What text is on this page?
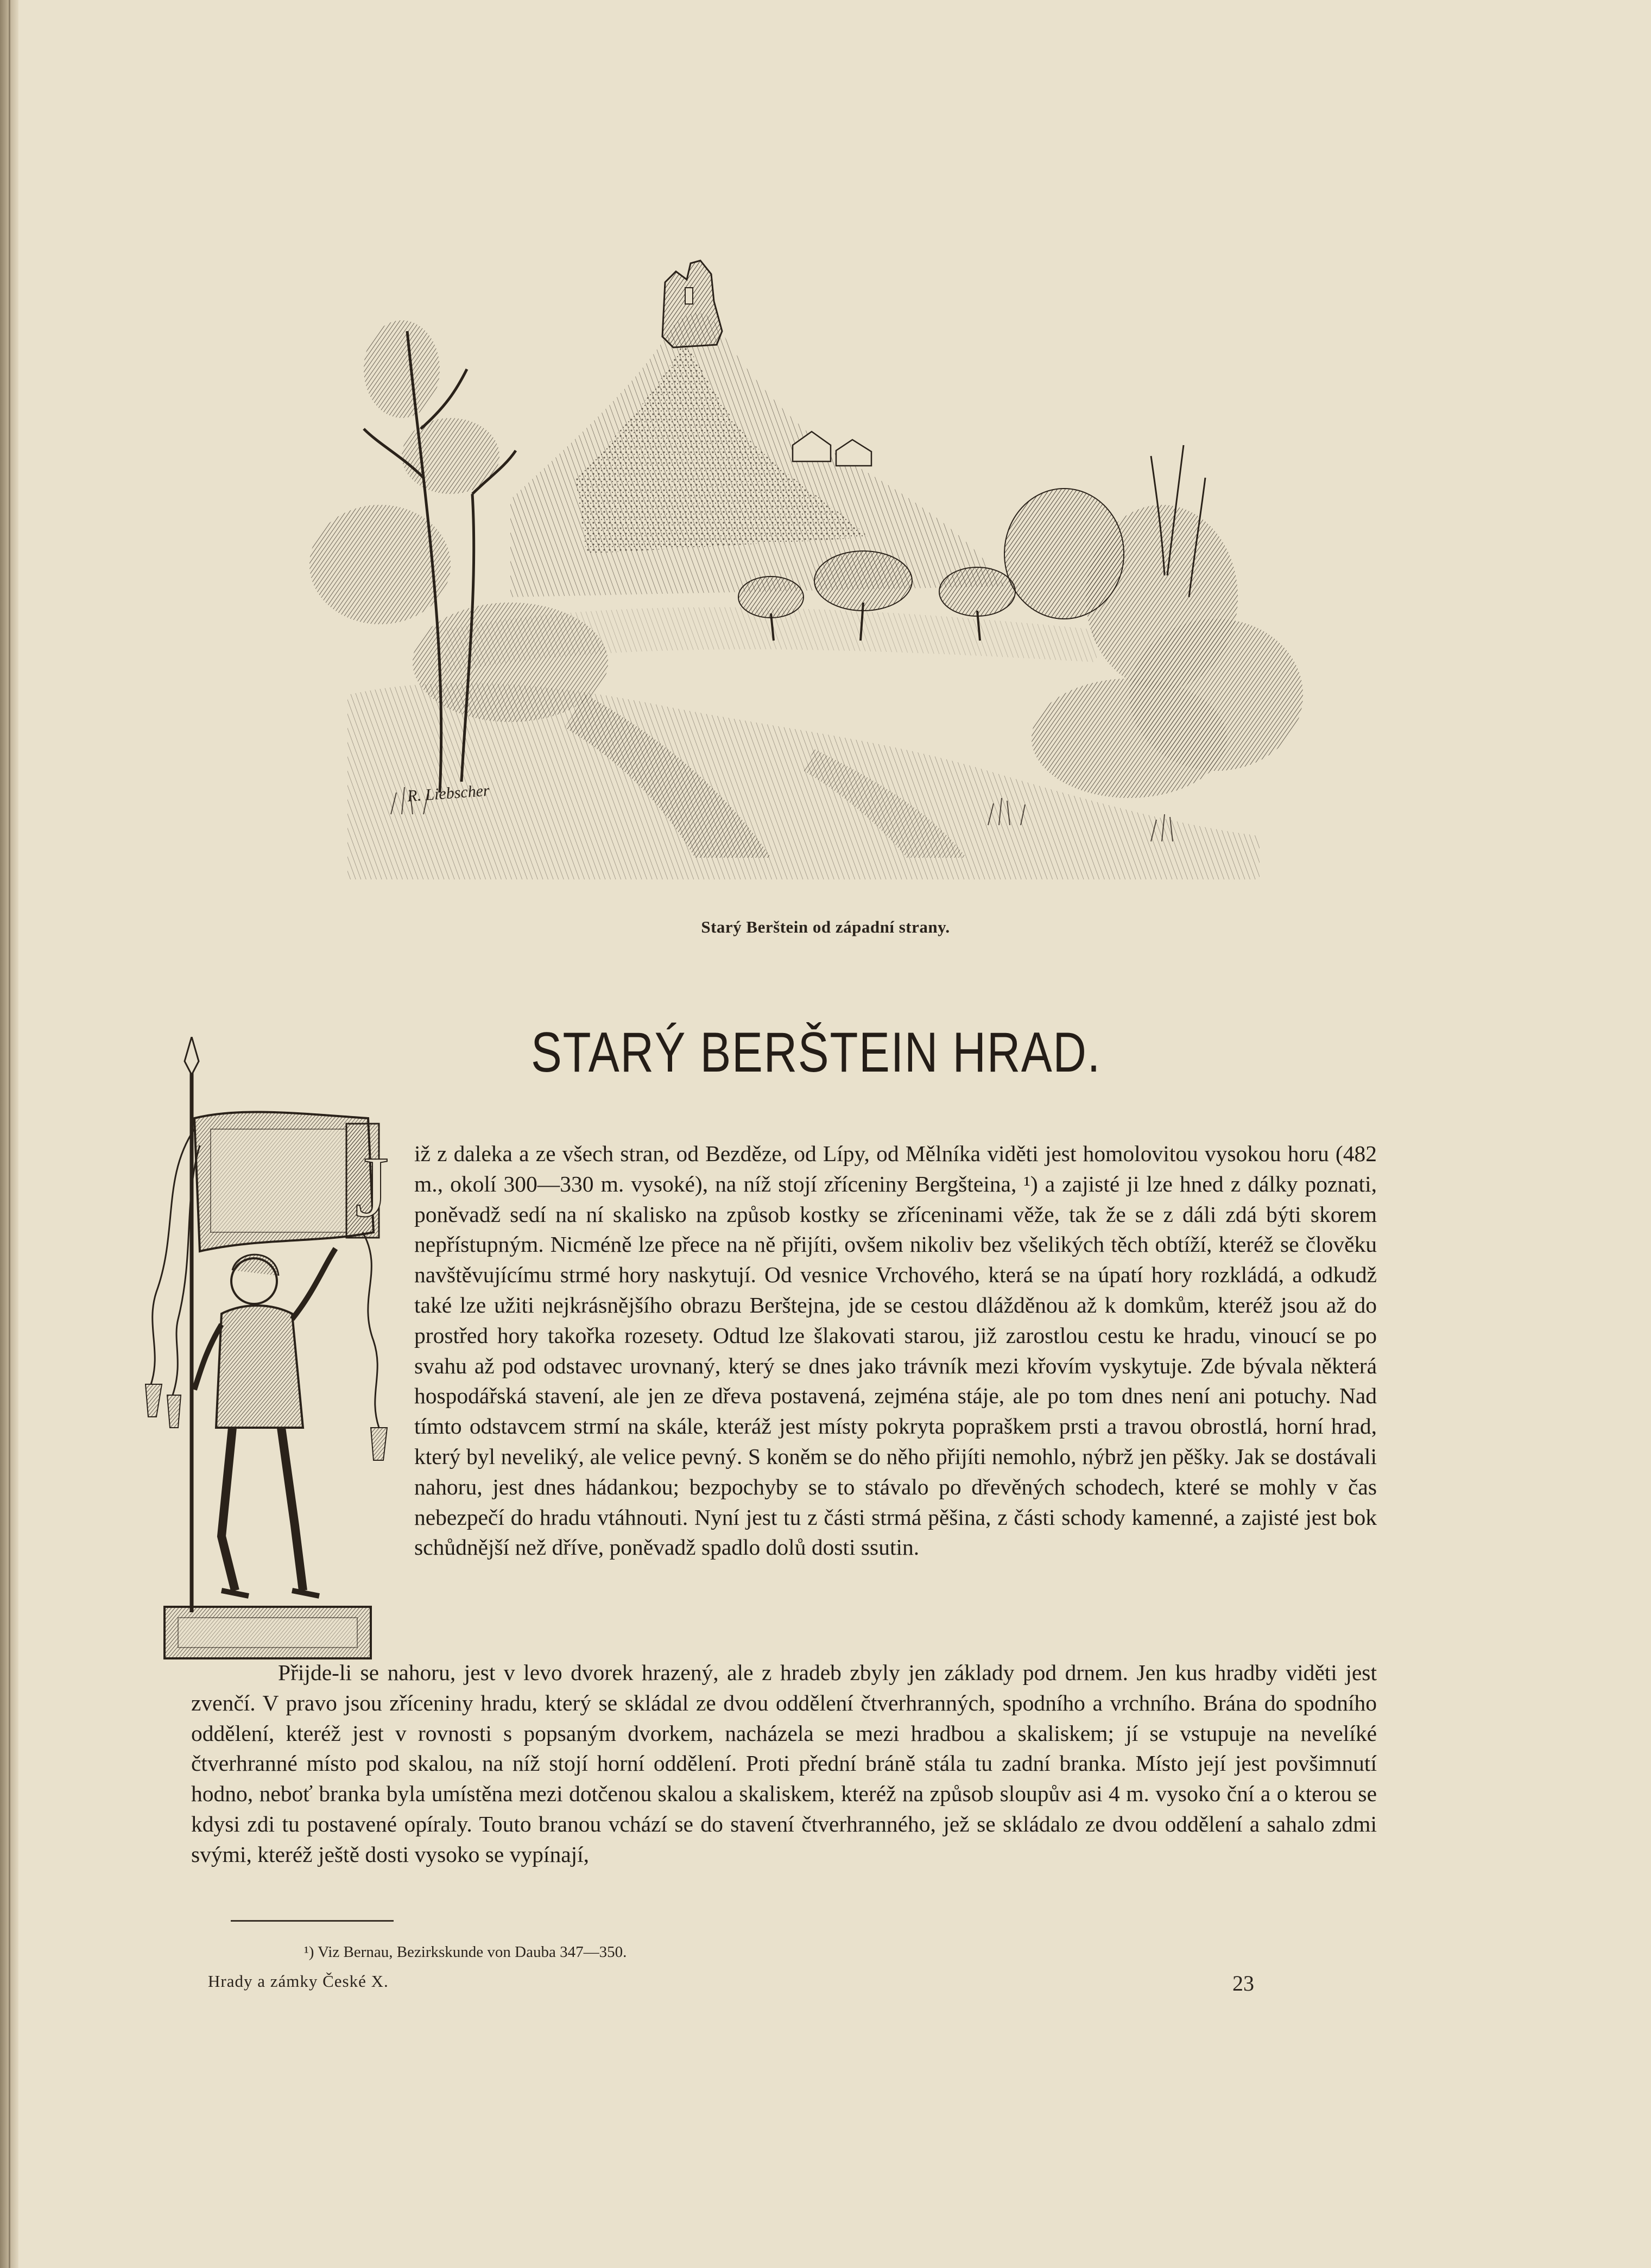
R. Liebscher
Starý Berštein od západní strany.
STARÝ BERŠTEIN HRAD.
J iž z daleka a ze všech stran, od Bezděze, od Lípy, od Mělníka viděti jest homolovitou vysokou horu (482 m., okolí 300—330 m. vysoké), na níž stojí zříceniny Bergšteina, ¹) a zajisté ji lze hned z dálky poznati, poněvadž sedí na ní skalisko na způsob kostky se zříceninami věže, tak že se z dáli zdá býti skorem nepřístupným. Nicméně lze přece na ně přijíti, ovšem nikoliv bez všelikých těch obtíží, kteréž se člověku navštěvujícímu strmé hory naskytují. Od vesnice Vrchového, která se na úpatí hory rozkládá, a odkudž také lze užiti nejkrásnějšího obrazu Berštejna, jde se cestou dlážděnou až k domkům, kteréž jsou až do prostřed hory takořka rozesety. Odtud lze šlakovati starou, již zarostlou cestu ke hradu, vinoucí se po svahu až pod odstavec urovnaný, který se dnes jako trávník mezi křovím vyskytuje. Zde bývala některá hospodářská stavení, ale jen ze dřeva postavená, zejména stáje, ale po tom dnes není ani potuchy. Nad tímto odstavcem strmí na skále, kteráž jest místy pokryta popraškem prsti a travou obrostlá, horní hrad, který byl neveliký, ale velice pevný. S koněm se do něho přijíti nemohlo, nýbrž jen pěšky. Jak se dostávali nahoru, jest dnes hádankou; bezpochyby se to stávalo po dřevěných schodech, které se mohly v čas nebezpečí do hradu vtáhnouti. Nyní jest tu z části strmá pěšina, z části schody kamenné, a zajisté jest bok schůdnější než dříve, poněvadž spadlo dolů dosti ssutin.

Přijde-li se nahoru, jest v levo dvorek hrazený, ale z hradeb zbyly jen základy pod drnem. Jen kus hradby viděti jest zvenčí. V pravo jsou zříceniny hradu, který se skládal ze dvou oddělení čtverhranných, spodního a vrchního. Brána do spodního oddělení, kteréž jest v rovnosti s popsaným dvorkem, nacházela se mezi hradbou a skaliskem; jí se vstupuje na nevelíké čtverhranné místo pod skalou, na níž stojí horní oddělení. Proti přední bráně stála tu zadní branka. Místo její jest povšimnutí hodno, neboť branka byla umístěna mezi dotčenou skalou a skaliskem, kteréž na způsob sloupův asi 4 m. vysoko ční a o kterou se kdysi zdi tu postavené opíraly. Touto branou vchází se do stavení čtverhranného, jež se skládalo ze dvou oddělení a sahalo zdmi svými, kteréž ještě dosti vysoko se vypínají,

¹) Viz Bernau, Bezirkskunde von Dauba 347—350.
Hrady a zámky České X.	23
